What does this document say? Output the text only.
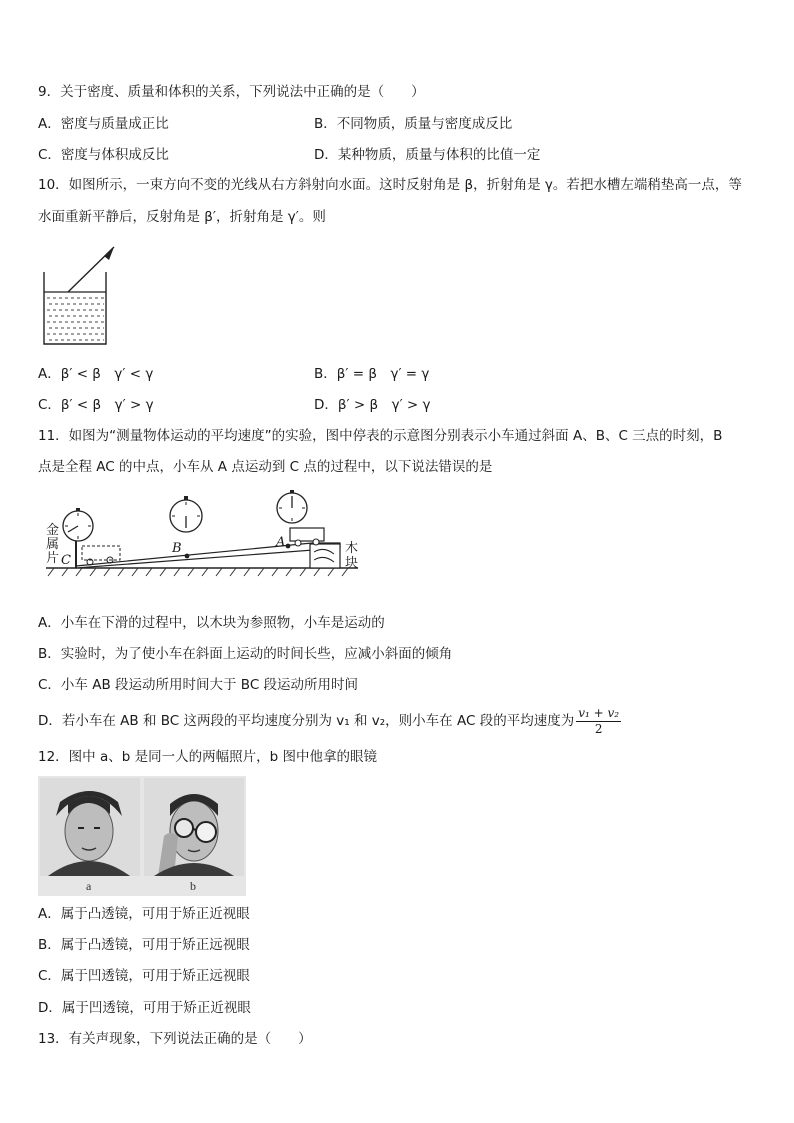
9．关于密度、质量和体积的关系，下列说法中正确的是（　　）
A．密度与质量成正比	B．不同物质，质量与密度成反比
C．密度与体积成反比	D．某种物质，质量与体积的比值一定
10．如图所示，一束方向不变的光线从右方斜射向水面。这时反射角是 β，折射角是 γ。若把水槽左端稍垫高一点，等
水面重新平静后，反射角是 β′，折射角是 γ′。则
A．β′ < β　γ′ < γ	B．β′ = β　γ′ = γ
C．β′ < β　γ′ > γ	D．β′ > β　γ′ > γ
11．如图为“测量物体运动的平均速度”的实验，图中停表的示意图分别表示小车通过斜面 A、B、C 三点的时刻，B
点是全程 AC 的中点，小车从 A 点运动到 C 点的过程中，以下说法错误的是
金
属
片 C
B	A	木
块
A．小车在下滑的过程中，以木块为参照物，小车是运动的
B．实验时，为了使小车在斜面上运动的时间长些，应减小斜面的倾角
C．小车 AB 段运动所用时间大于 BC 段运动所用时间
D．若小车在 AB 和 BC 这两段的平均速度分别为 v₁ 和 v₂，则小车在 AC 段的平均速度为 $\frac{\text{v₁ + v₂}}{2}$
12．图中 a、b 是同一人的两幅照片，b 图中他拿的眼镜
a	b
A．属于凸透镜，可用于矫正近视眼
B．属于凸透镜，可用于矫正远视眼
C．属于凹透镜，可用于矫正远视眼
D．属于凹透镜，可用于矫正近视眼
13．有关声现象，下列说法正确的是（　　）
